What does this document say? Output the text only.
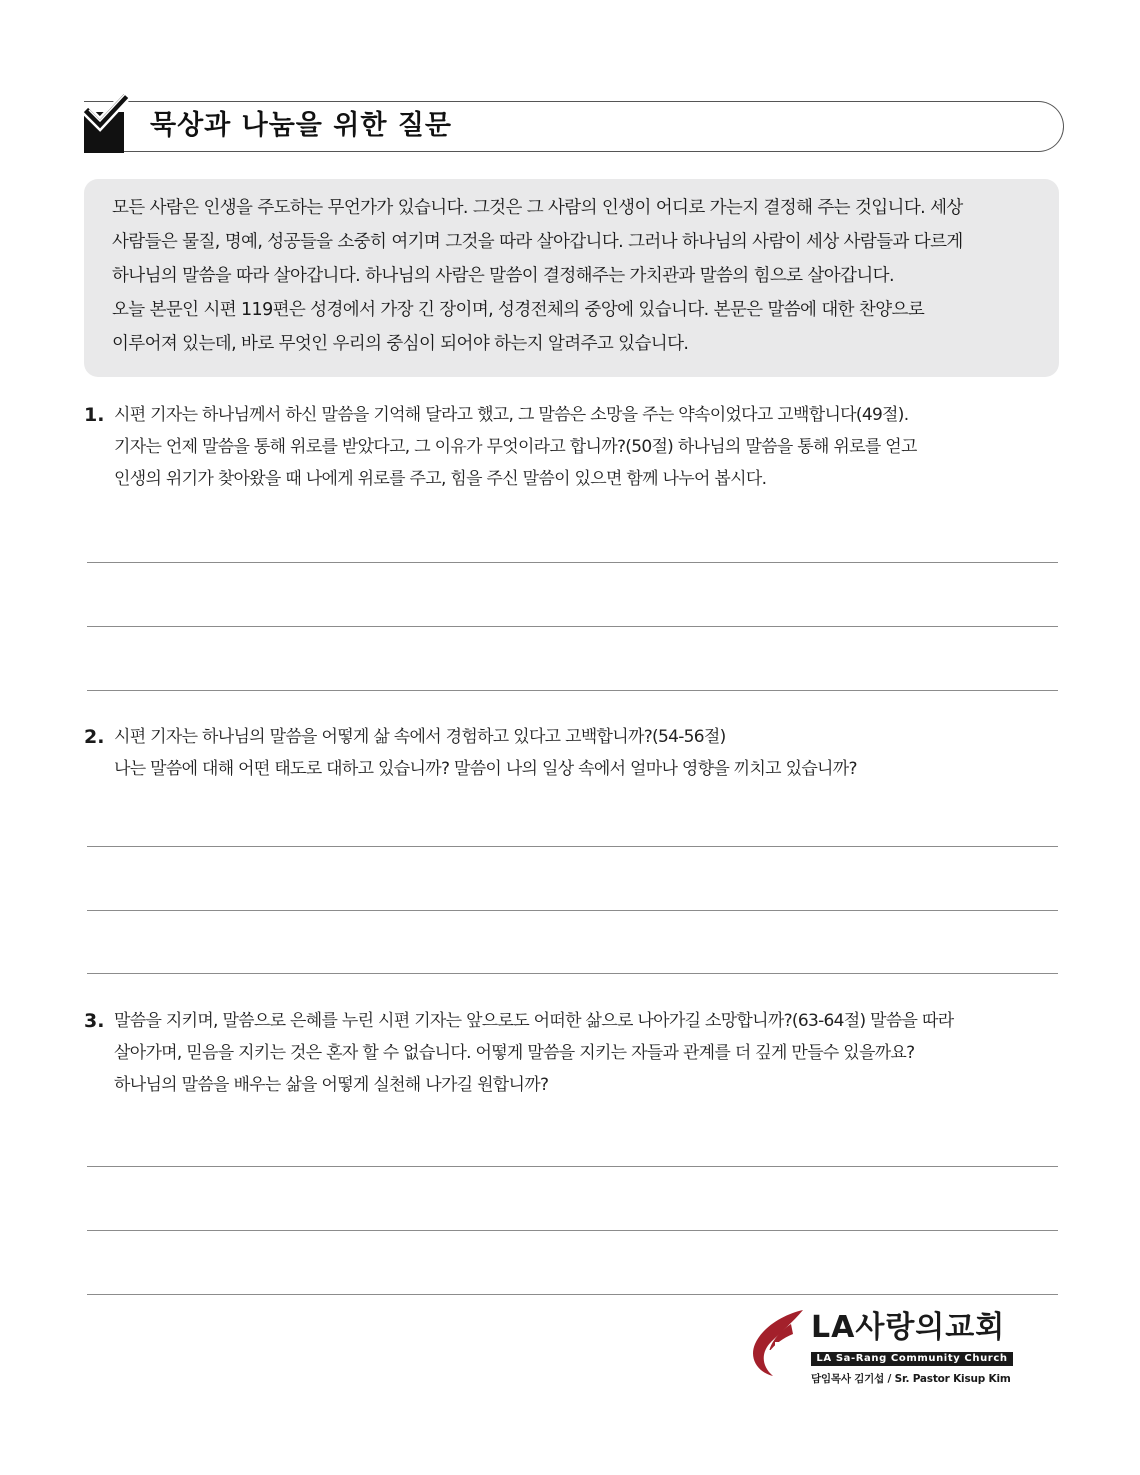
묵상과 나눔을 위한 질문
모든 사람은 인생을 주도하는 무언가가 있습니다. 그것은 그 사람의 인생이 어디로 가는지 결정해 주는 것입니다. 세상
사람들은 물질, 명예, 성공들을 소중히 여기며 그것을 따라 살아갑니다. 그러나 하나님의 사람이 세상 사람들과 다르게
하나님의 말씀을 따라 살아갑니다. 하나님의 사람은 말씀이 결정해주는 가치관과 말씀의 힘으로 살아갑니다.
오늘 본문인 시편 119편은 성경에서 가장 긴 장이며, 성경전체의 중앙에 있습니다. 본문은 말씀에 대한 찬양으로
이루어져 있는데, 바로 무엇인 우리의 중심이 되어야 하는지 알려주고 있습니다.
1. 시편 기자는 하나님께서 하신 말씀을 기억해 달라고 했고, 그 말씀은 소망을 주는 약속이었다고 고백합니다(49절).
기자는 언제 말씀을 통해 위로를 받았다고, 그 이유가 무엇이라고 합니까?(50절) 하나님의 말씀을 통해 위로를 얻고
인생의 위기가 찾아왔을 때 나에게 위로를 주고, 힘을 주신 말씀이 있으면 함께 나누어 봅시다.
2. 시편 기자는 하나님의 말씀을 어떻게 삶 속에서 경험하고 있다고 고백합니까?(54-56절)
나는 말씀에 대해 어떤 태도로 대하고 있습니까? 말씀이 나의 일상 속에서 얼마나 영향을 끼치고 있습니까?
3. 말씀을 지키며, 말씀으로 은혜를 누린 시편 기자는 앞으로도 어떠한 삶으로 나아가길 소망합니까?(63-64절) 말씀을 따라
살아가며, 믿음을 지키는 것은 혼자 할 수 없습니다. 어떻게 말씀을 지키는 자들과 관계를 더 깊게 만들수 있을까요?
하나님의 말씀을 배우는 삶을 어떻게 실천해 나가길 원합니까?
LA사랑의교회
LA Sa-Rang Community Church
담임목사 김기섭 / Sr. Pastor Kisup Kim
